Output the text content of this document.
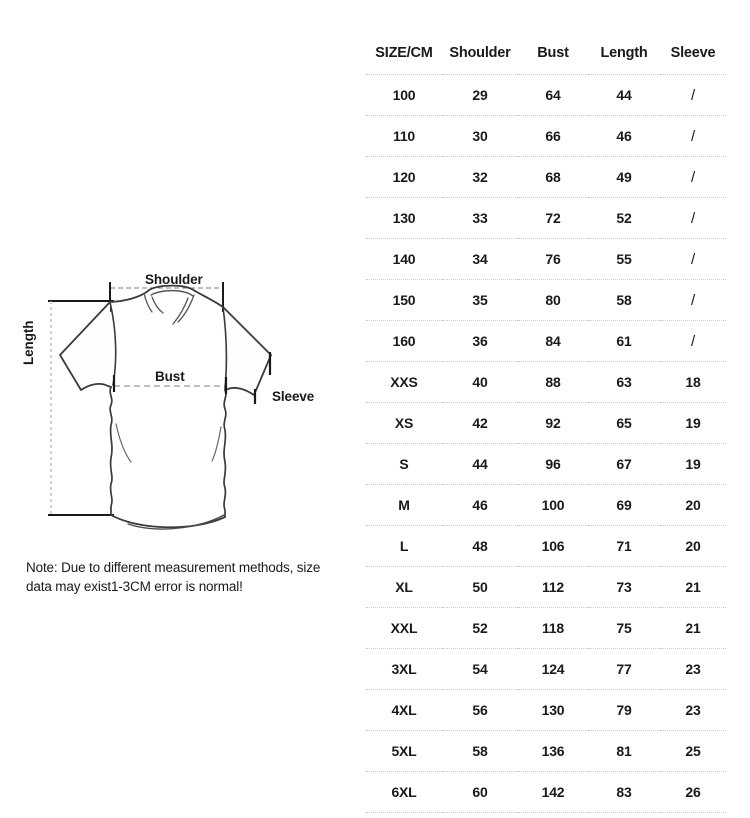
Shoulder
Bust
Length
Sleeve
Note: Due to different measurement methods, size data may exist1-3CM error is normal!
SIZE/CM	Shoulder	Bust	Length	Sleeve
100	29	64	44	/
110	30	66	46	/
120	32	68	49	/
130	33	72	52	/
140	34	76	55	/
150	35	80	58	/
160	36	84	61	/
XXS	40	88	63	18
XS	42	92	65	19
S	44	96	67	19
M	46	100	69	20
L	48	106	71	20
XL	50	112	73	21
XXL	52	118	75	21
3XL	54	124	77	23
4XL	56	130	79	23
5XL	58	136	81	25
6XL	60	142	83	26
